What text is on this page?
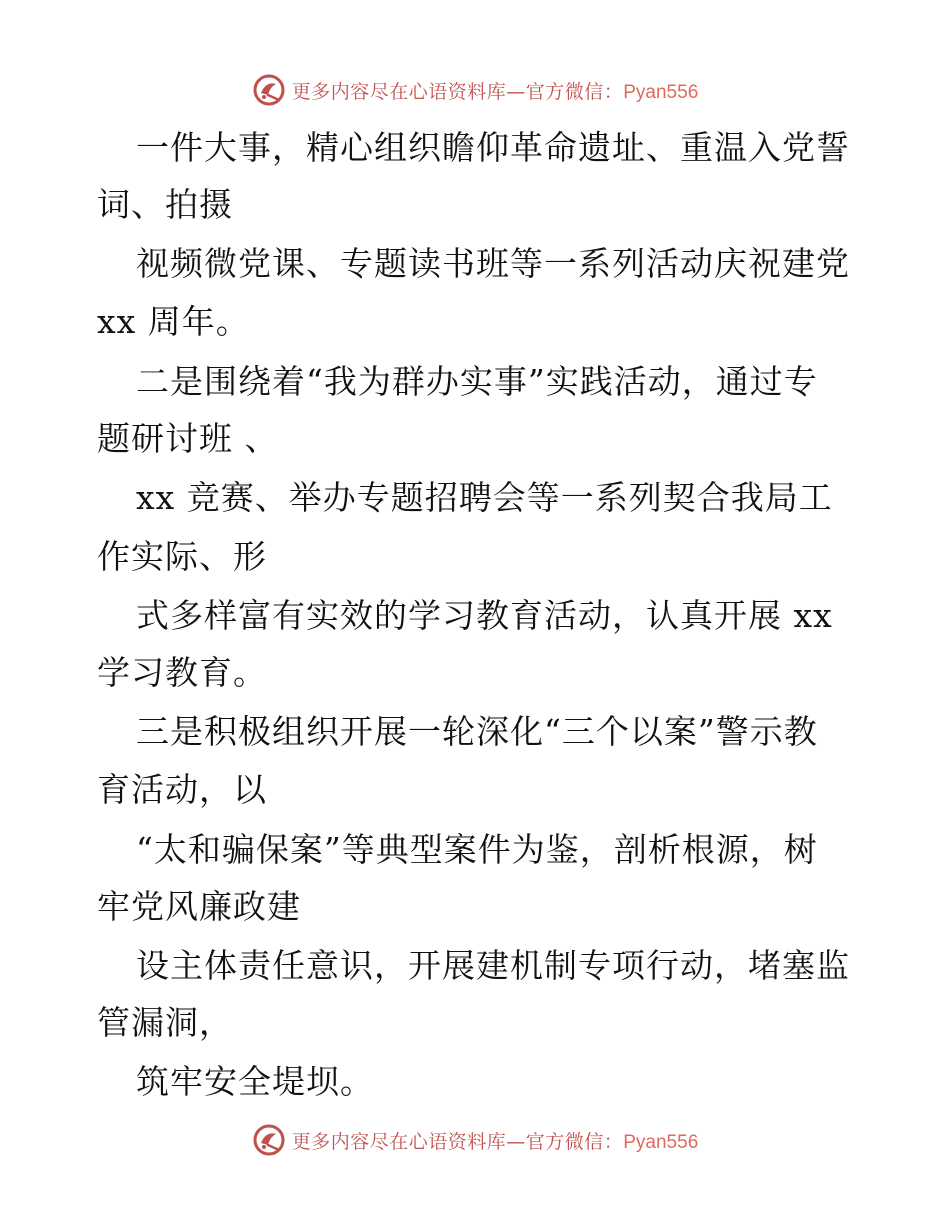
更多内容尽在心语资料库—官方微信：Pyan556
一件大事，精心组织瞻仰革命遗址、重温入党誓
词、拍摄
视频微党课、专题读书班等一系列活动庆祝建党
xx 周年。
二是围绕着“我为群办实事”实践活动，通过专
题研讨班 、
xx 竞赛、举办专题招聘会等一系列契合我局工
作实际、形
式多样富有实效的学习教育活动，认真开展 xx
学习教育。
三是积极组织开展一轮深化“三个以案”警示教
育活动，以
“太和骗保案”等典型案件为鉴，剖析根源，树
牢党风廉政建
设主体责任意识，开展建机制专项行动，堵塞监
管漏洞，
筑牢安全堤坝。
更多内容尽在心语资料库—官方微信：Pyan556
